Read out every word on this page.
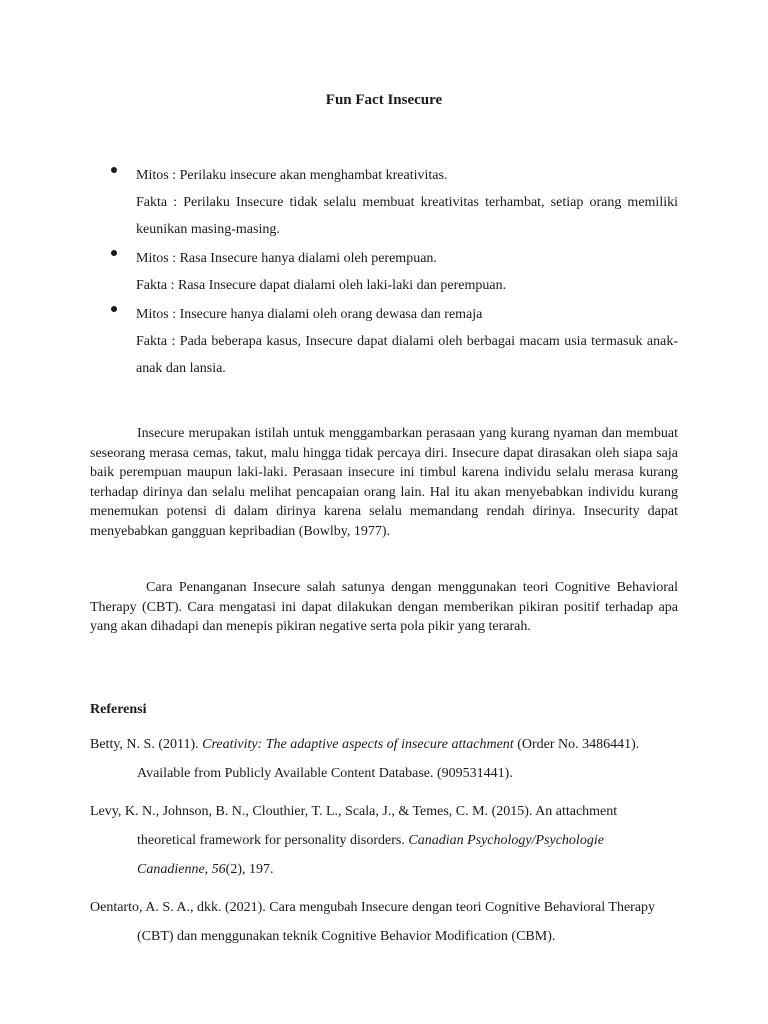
Fun Fact Insecure
Mitos : Perilaku insecure akan menghambat kreativitas.
Fakta : Perilaku Insecure tidak selalu membuat kreativitas terhambat, setiap orang memiliki keunikan masing-masing.
Mitos : Rasa Insecure hanya dialami oleh perempuan.
Fakta : Rasa Insecure dapat dialami oleh laki-laki dan perempuan.
Mitos : Insecure hanya dialami oleh orang dewasa dan remaja
Fakta : Pada beberapa kasus, Insecure dapat dialami oleh berbagai macam usia termasuk anak-anak dan lansia.
Insecure merupakan istilah untuk menggambarkan perasaan yang kurang nyaman dan membuat seseorang merasa cemas, takut, malu hingga tidak percaya diri. Insecure dapat dirasakan oleh siapa saja baik perempuan maupun laki-laki. Perasaan insecure ini timbul karena individu selalu merasa kurang terhadap dirinya dan selalu melihat pencapaian orang lain. Hal itu akan menyebabkan individu kurang menemukan potensi di dalam dirinya karena selalu memandang rendah dirinya. Insecurity dapat menyebabkan gangguan kepribadian (Bowlby, 1977).
Cara Penanganan Insecure salah satunya dengan menggunakan teori Cognitive Behavioral Therapy (CBT). Cara mengatasi ini dapat dilakukan dengan memberikan pikiran positif terhadap apa yang akan dihadapi dan menepis pikiran negative serta pola pikir yang terarah.
Referensi
Betty, N. S. (2011). Creativity: The adaptive aspects of insecure attachment (Order No. 3486441). Available from Publicly Available Content Database. (909531441).
Levy, K. N., Johnson, B. N., Clouthier, T. L., Scala, J., & Temes, C. M. (2015). An attachment theoretical framework for personality disorders. Canadian Psychology/Psychologie Canadienne, 56(2), 197.
Oentarto, A. S. A., dkk. (2021). Cara mengubah Insecure dengan teori Cognitive Behavioral Therapy (CBT) dan menggunakan teknik Cognitive Behavior Modification (CBM).
